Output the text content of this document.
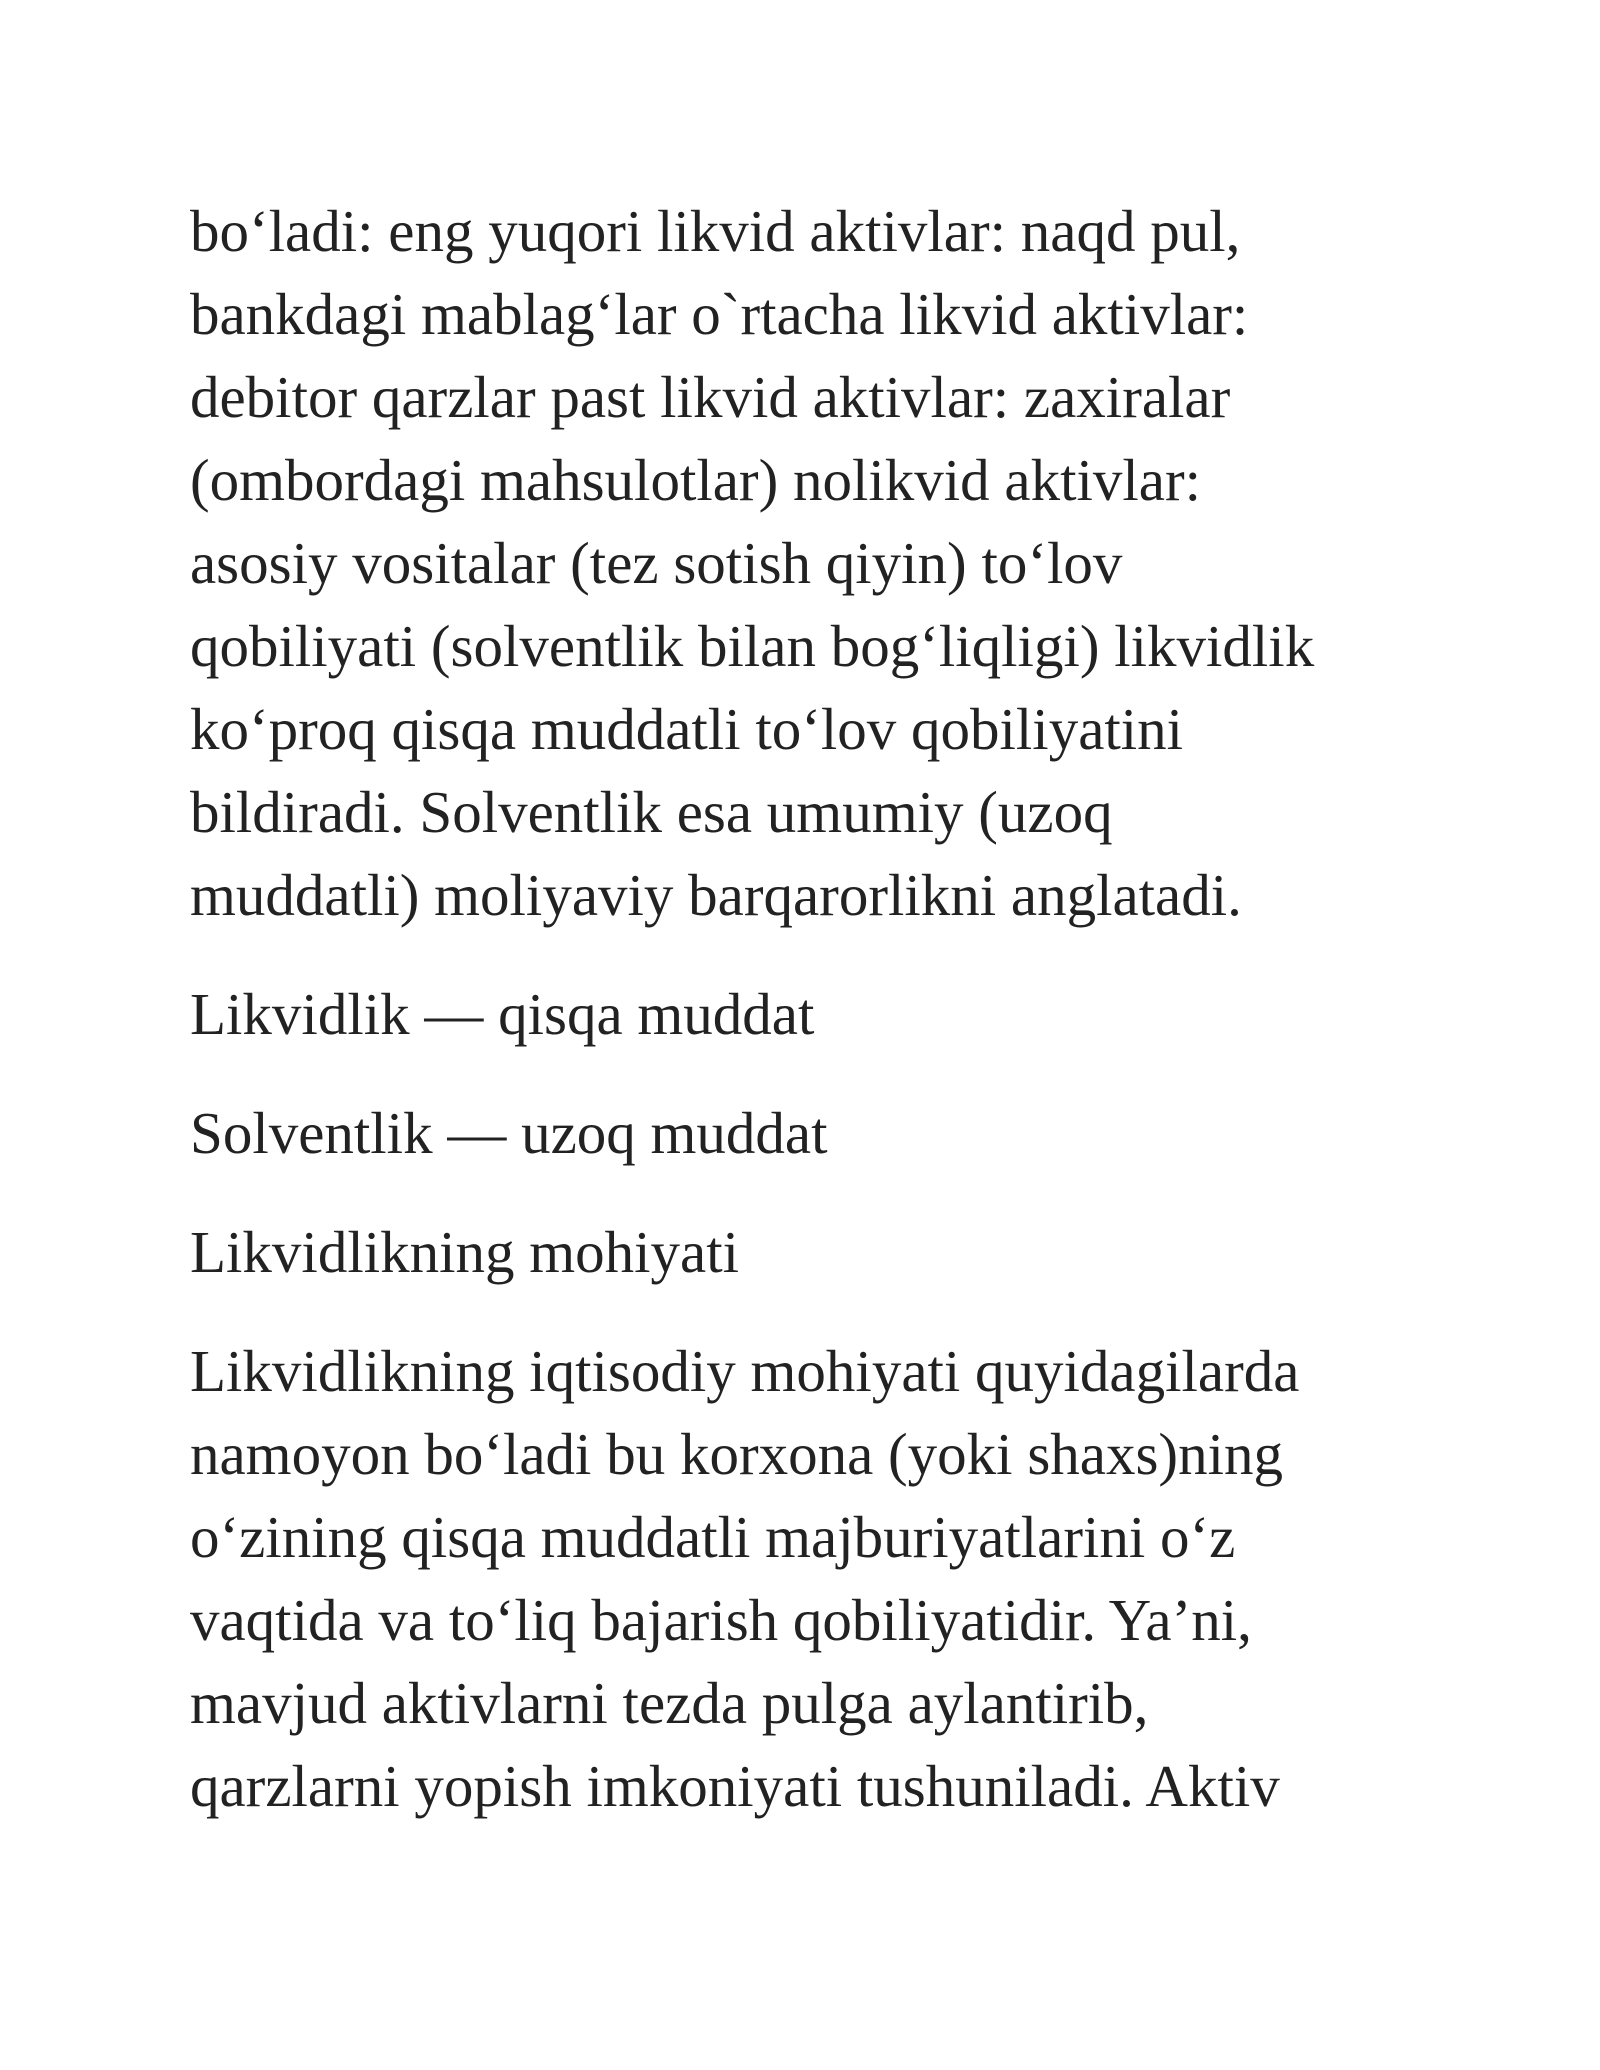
bo‘ladi: eng yuqori likvid aktivlar: naqd pul,
bankdagi mablag‘lar o`rtacha likvid aktivlar:
debitor qarzlar past likvid aktivlar: zaxiralar
(ombordagi mahsulotlar) nolikvid aktivlar:
asosiy vositalar (tez sotish qiyin) to‘lov
qobiliyati (solventlik bilan bog‘liqligi) likvidlik
ko‘proq qisqa muddatli to‘lov qobiliyatini
bildiradi. Solventlik esa umumiy (uzoq
muddatli) moliyaviy barqarorlikni anglatadi.

Likvidlik — qisqa muddat

Solventlik — uzoq muddat

Likvidlikning mohiyati

Likvidlikning iqtisodiy mohiyati quyidagilarda
namoyon bo‘ladi bu korxona (yoki shaxs)ning
o‘zining qisqa muddatli majburiyatlarini o‘z
vaqtida va to‘liq bajarish qobiliyatidir. Ya’ni,
mavjud aktivlarni tezda pulga aylantirib,
qarzlarni yopish imkoniyati tushuniladi. Aktiv
